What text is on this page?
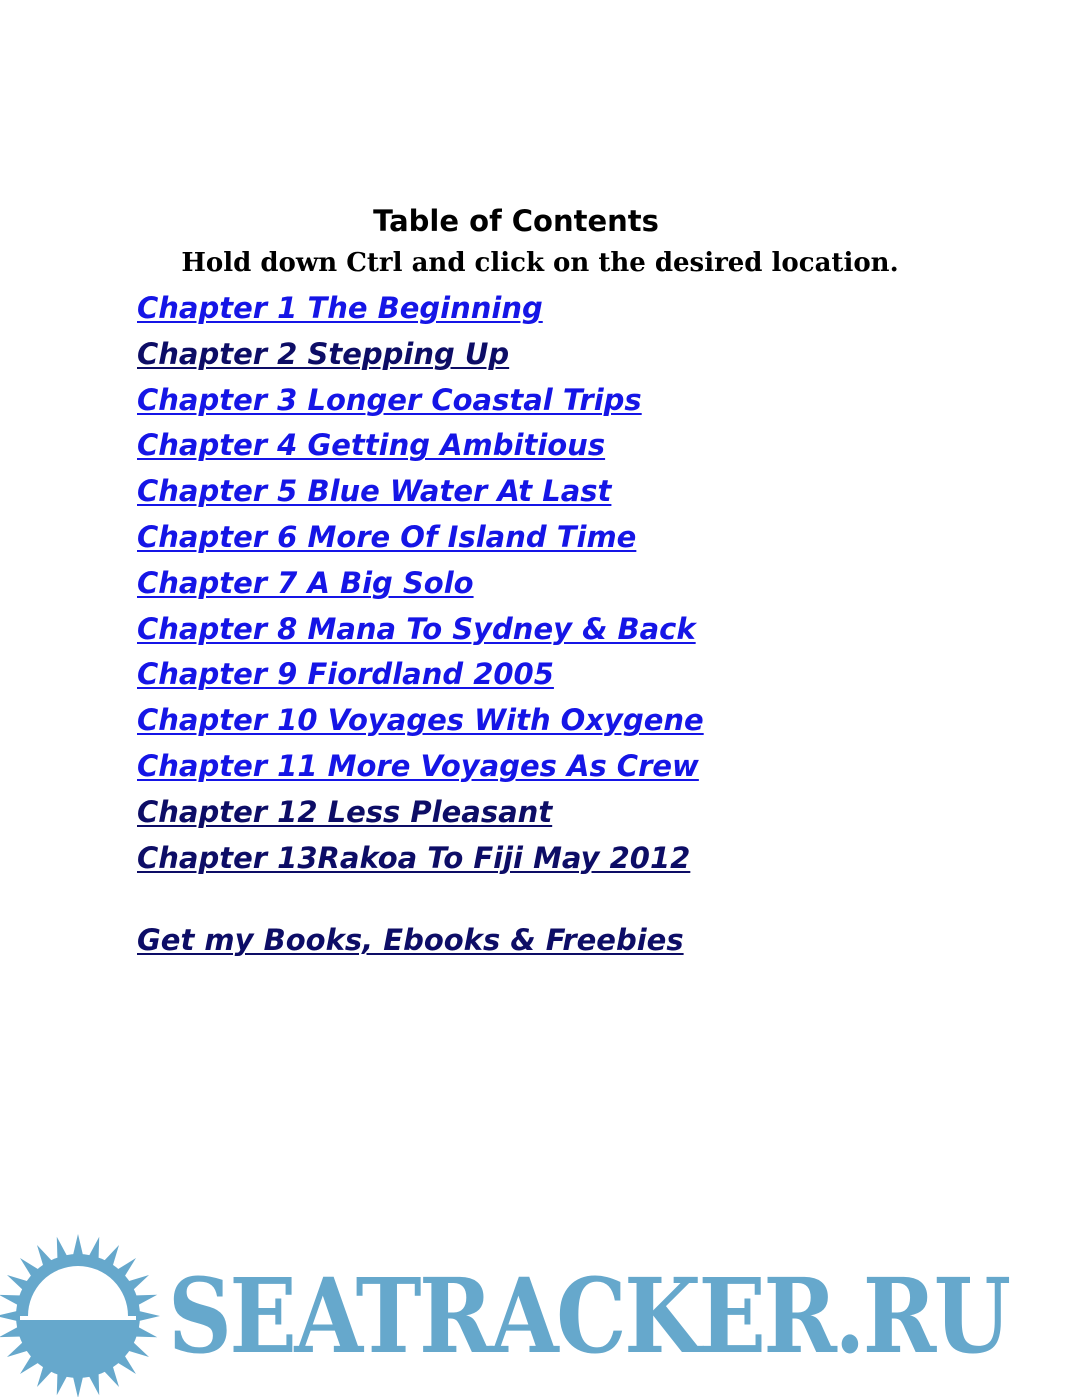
Table of Contents

Hold down Ctrl and click on the desired location.

Chapter 1 The Beginning
Chapter 2 Stepping Up
Chapter 3 Longer Coastal Trips
Chapter 4 Getting Ambitious
Chapter 5 Blue Water At Last
Chapter 6 More Of Island Time
Chapter 7 A Big Solo
Chapter 8 Mana To Sydney & Back
Chapter 9 Fiordland 2005
Chapter 10 Voyages With Oxygene
Chapter 11 More Voyages As Crew
Chapter 12 Less Pleasant
Chapter 13Rakoa To Fiji May 2012
Get my Books, Ebooks & Freebies
SEATRACKER.RU
